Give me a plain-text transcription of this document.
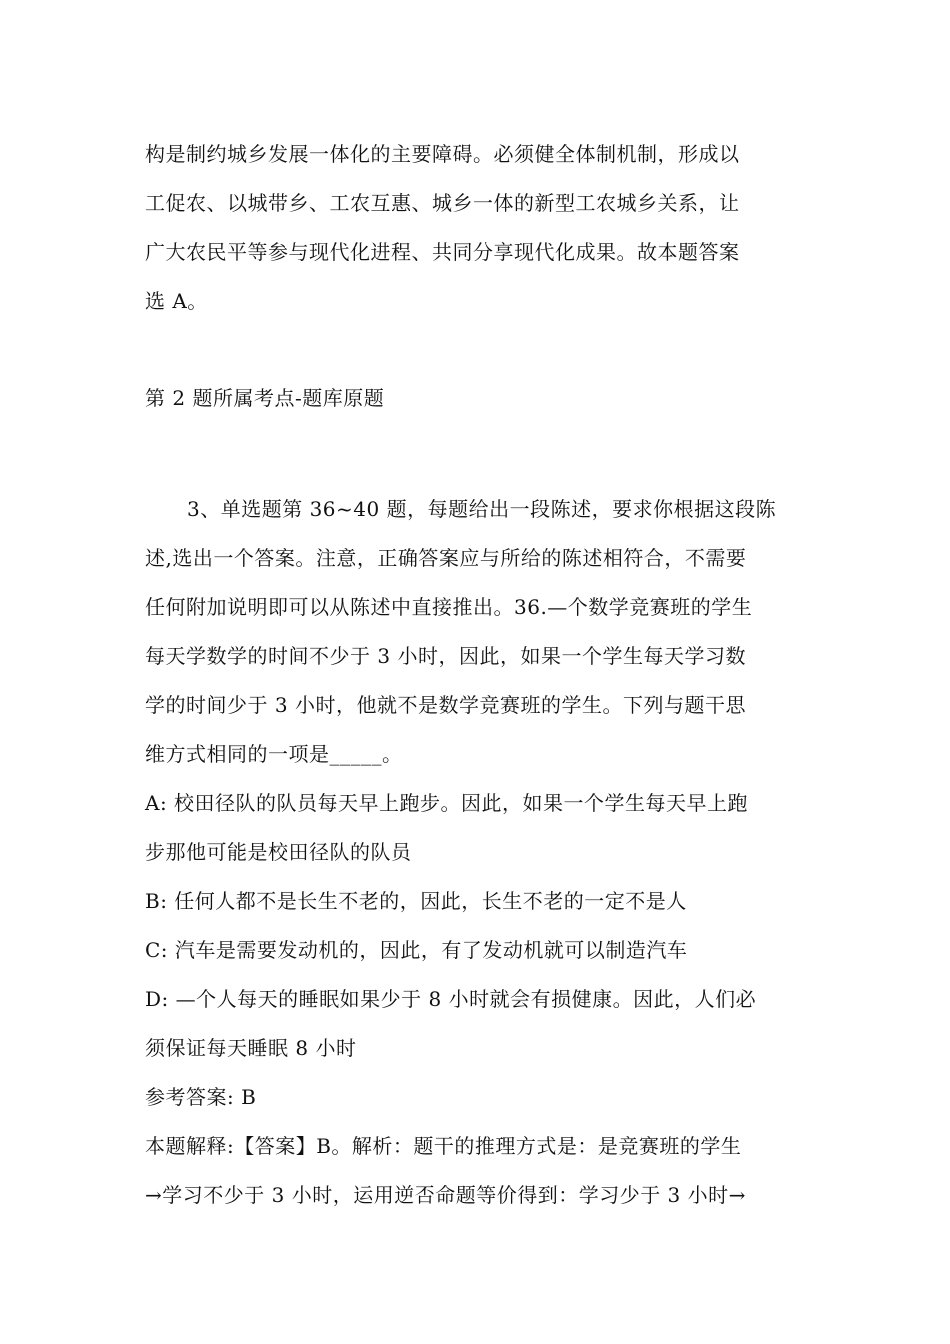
构是制约城乡发展一体化的主要障碍。必须健全体制机制，形成以
工促农、以城带乡、工农互惠、城乡一体的新型工农城乡关系，让
广大农民平等参与现代化进程、共同分享现代化成果。故本题答案
选 A。
第 2 题所属考点-题库原题
3、单选题第 36~40 题，每题给出一段陈述，要求你根据这段陈
述,选出一个答案。注意，正确答案应与所给的陈述相符合，不需要
任何附加说明即可以从陈述中直接推出。36.—个数学竞赛班的学生
每天学数学的时间不少于 3 小时，因此，如果一个学生每天学习数
学的时间少于 3 小时，他就不是数学竞赛班的学生。下列与题干思
维方式相同的一项是_____。
A: 校田径队的队员每天早上跑步。因此，如果一个学生每天早上跑
步那他可能是校田径队的队员
B: 任何人都不是长生不老的，因此，长生不老的一定不是人
C: 汽车是需要发动机的，因此，有了发动机就可以制造汽车
D: —个人每天的睡眠如果少于 8 小时就会有损健康。因此，人们必
须保证每天睡眠 8 小时
参考答案: B
本题解释:【答案】B。解析：题干的推理方式是：是竞赛班的学生
→学习不少于 3 小时，运用逆否命题等价得到：学习少于 3 小时→
